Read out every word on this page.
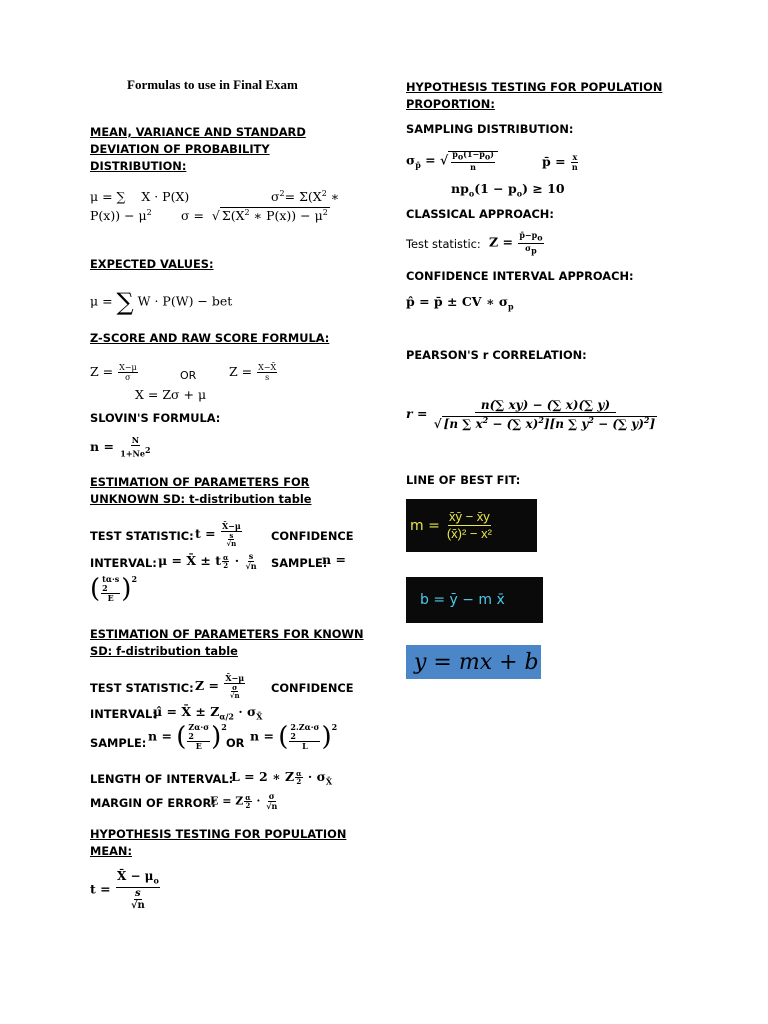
Formulas to use in Final Exam
MEAN, VARIANCE AND STANDARD DEVIATION OF PROBABILITY DISTRIBUTION:
μ = ∑    X · P(X)	$\sigma^2= \Sigma(X^2$ ∗
$P(x)) - \mu^2$ σ =  √ $\Sigma(X^2$ ∗ $P(x)) - \mu^2$
EXPECTED VALUES:
μ = ∑ W · P(W) − bet
Z-SCORE AND RAW SCORE FORMULA:
$Z = \frac{X-\mu}{\sigma}$	OR	$Z = \frac{X-X̄}{s}$
X = Zσ + μ
SLOVIN'S FORMULA:
$n = \frac{N}{1+Ne2}$
ESTIMATION OF PARAMETERS FOR UNKNOWN SD: t-distribution table
TEST STATISTIC: $t = \frac{X̄-\mu}{\frac{s}{√n}}$	CONFIDENCE
INTERVAL: μ = X̄ ± t $\frac{\alpha}{2} \cdot \frac{s}{√n}$ SAMPLE:
n =
( tα·s
2
E )$^2$
ESTIMATION OF PARAMETERS FOR KNOWN SD: f-distribution table
TEST STATISTIC: $Z = \frac{X̄-\mu}{\frac{\sigma}{√n}}$ CONFIDENCE
INTERVAL:
μ̂ = X̄ ± $Z_{\alpha/2} \cdot \sigma_{X̄}$
SAMPLE: n = ( Zα·σ
2
E )$^2$
OR n = ( 2.Zα·σ
2
L )$^2$
LENGTH OF INTERVAL:
L = 2 ∗ Z $\frac{\alpha}{2} \cdot \sigma_{X̄}$
MARGIN OF ERROR:
E = Z $\frac{\alpha}{2} \cdot \frac{\sigma}{√n}$
HYPOTHESIS TESTING FOR POPULATION MEAN:
$t = \frac{X̄ - \mu_o}{\frac{s}{√n}}$
HYPOTHESIS TESTING FOR POPULATION PROPORTION:
SAMPLING DISTRIBUTION:
$\sigma_{p̄}$ = √ $\frac{po(1-po)}{n}$	p̄ = $\frac{x}{n}$
$np_o(1 - p_o) \ge 10$
CLASSICAL APPROACH:
Test statistic: $Z = \frac{p̄-po}{\sigma p}$
CONFIDENCE INTERVAL APPROACH:
p̂ = p̄ ± CV ∗ $\sigma_p$
PEARSON'S r CORRELATION:
$r = \frac{n(\sum xy) - (\sum x)(\sum y)}{√ [n \sum x^2 - (\sum x)^2][n \sum y^2 - (\sum y)^2]}$
LINE OF BEST FIT:
$m = \frac{x̄ȳ - x̄y}{\text{(x̄)² − x²}}$
b = ȳ − m x̄
y = mx + b
